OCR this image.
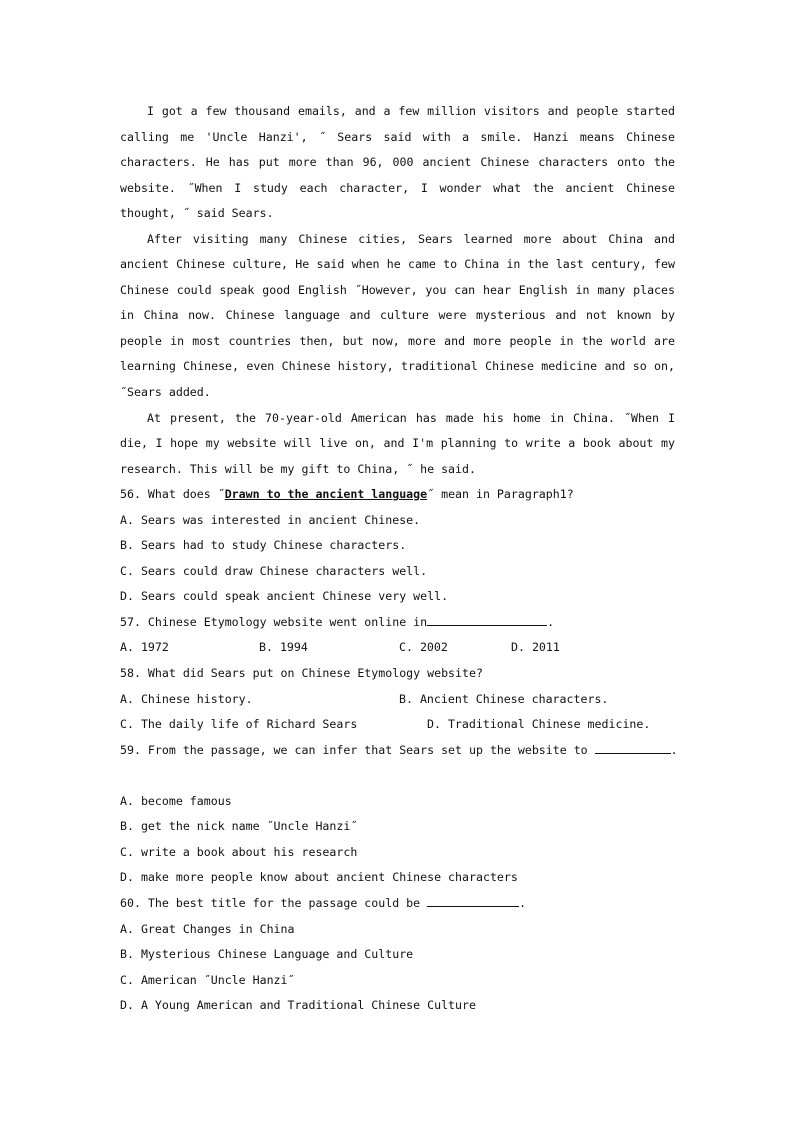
I got a few thousand emails, and a few million visitors and people started
calling me 'Uncle Hanzi', ˝ Sears said with a smile. Hanzi means Chinese
characters. He has put more than 96, 000 ancient Chinese characters onto the
website. ˝When I study each character, I wonder what the ancient Chinese
thought, ˝ said Sears.
After visiting many Chinese cities, Sears learned more about China and
ancient Chinese culture, He said when he came to China in the last century, few
Chinese could speak good English ˝However, you can hear English in many places
in China now. Chinese language and culture were mysterious and not known by
people in most countries then, but now, more and more people in the world are
learning Chinese, even Chinese history, traditional Chinese medicine and so on,
˝Sears added.
At present, the 70-year-old American has made his home in China. ˝When I
die, I hope my website will live on, and I'm planning to write a book about my
research. This will be my gift to China, ˝ he said.
56. What does ˝Drawn to the ancient language˝ mean in Paragraph1?
A. Sears was interested in ancient Chinese.
B. Sears had to study Chinese characters.
C. Sears could draw Chinese characters well.
D. Sears could speak ancient Chinese very well.
57. Chinese Etymology website went online in	.
A. 1972	B. 1994	C. 2002	D. 2011
58. What did Sears put on Chinese Etymology website?
A. Chinese history.	B. Ancient Chinese characters.
C. The daily life of Richard Sears	D. Traditional Chinese medicine.
59. From the passage, we can infer that Sears set up the website to	.
A. become famous
B. get the nick name ˝Uncle Hanzi˝
C. write a book about his research
D. make more people know about ancient Chinese characters
60. The best title for the passage could be	.
A. Great Changes in China
B. Mysterious Chinese Language and Culture
C. American ˝Uncle Hanzi˝
D. A Young American and Traditional Chinese Culture
